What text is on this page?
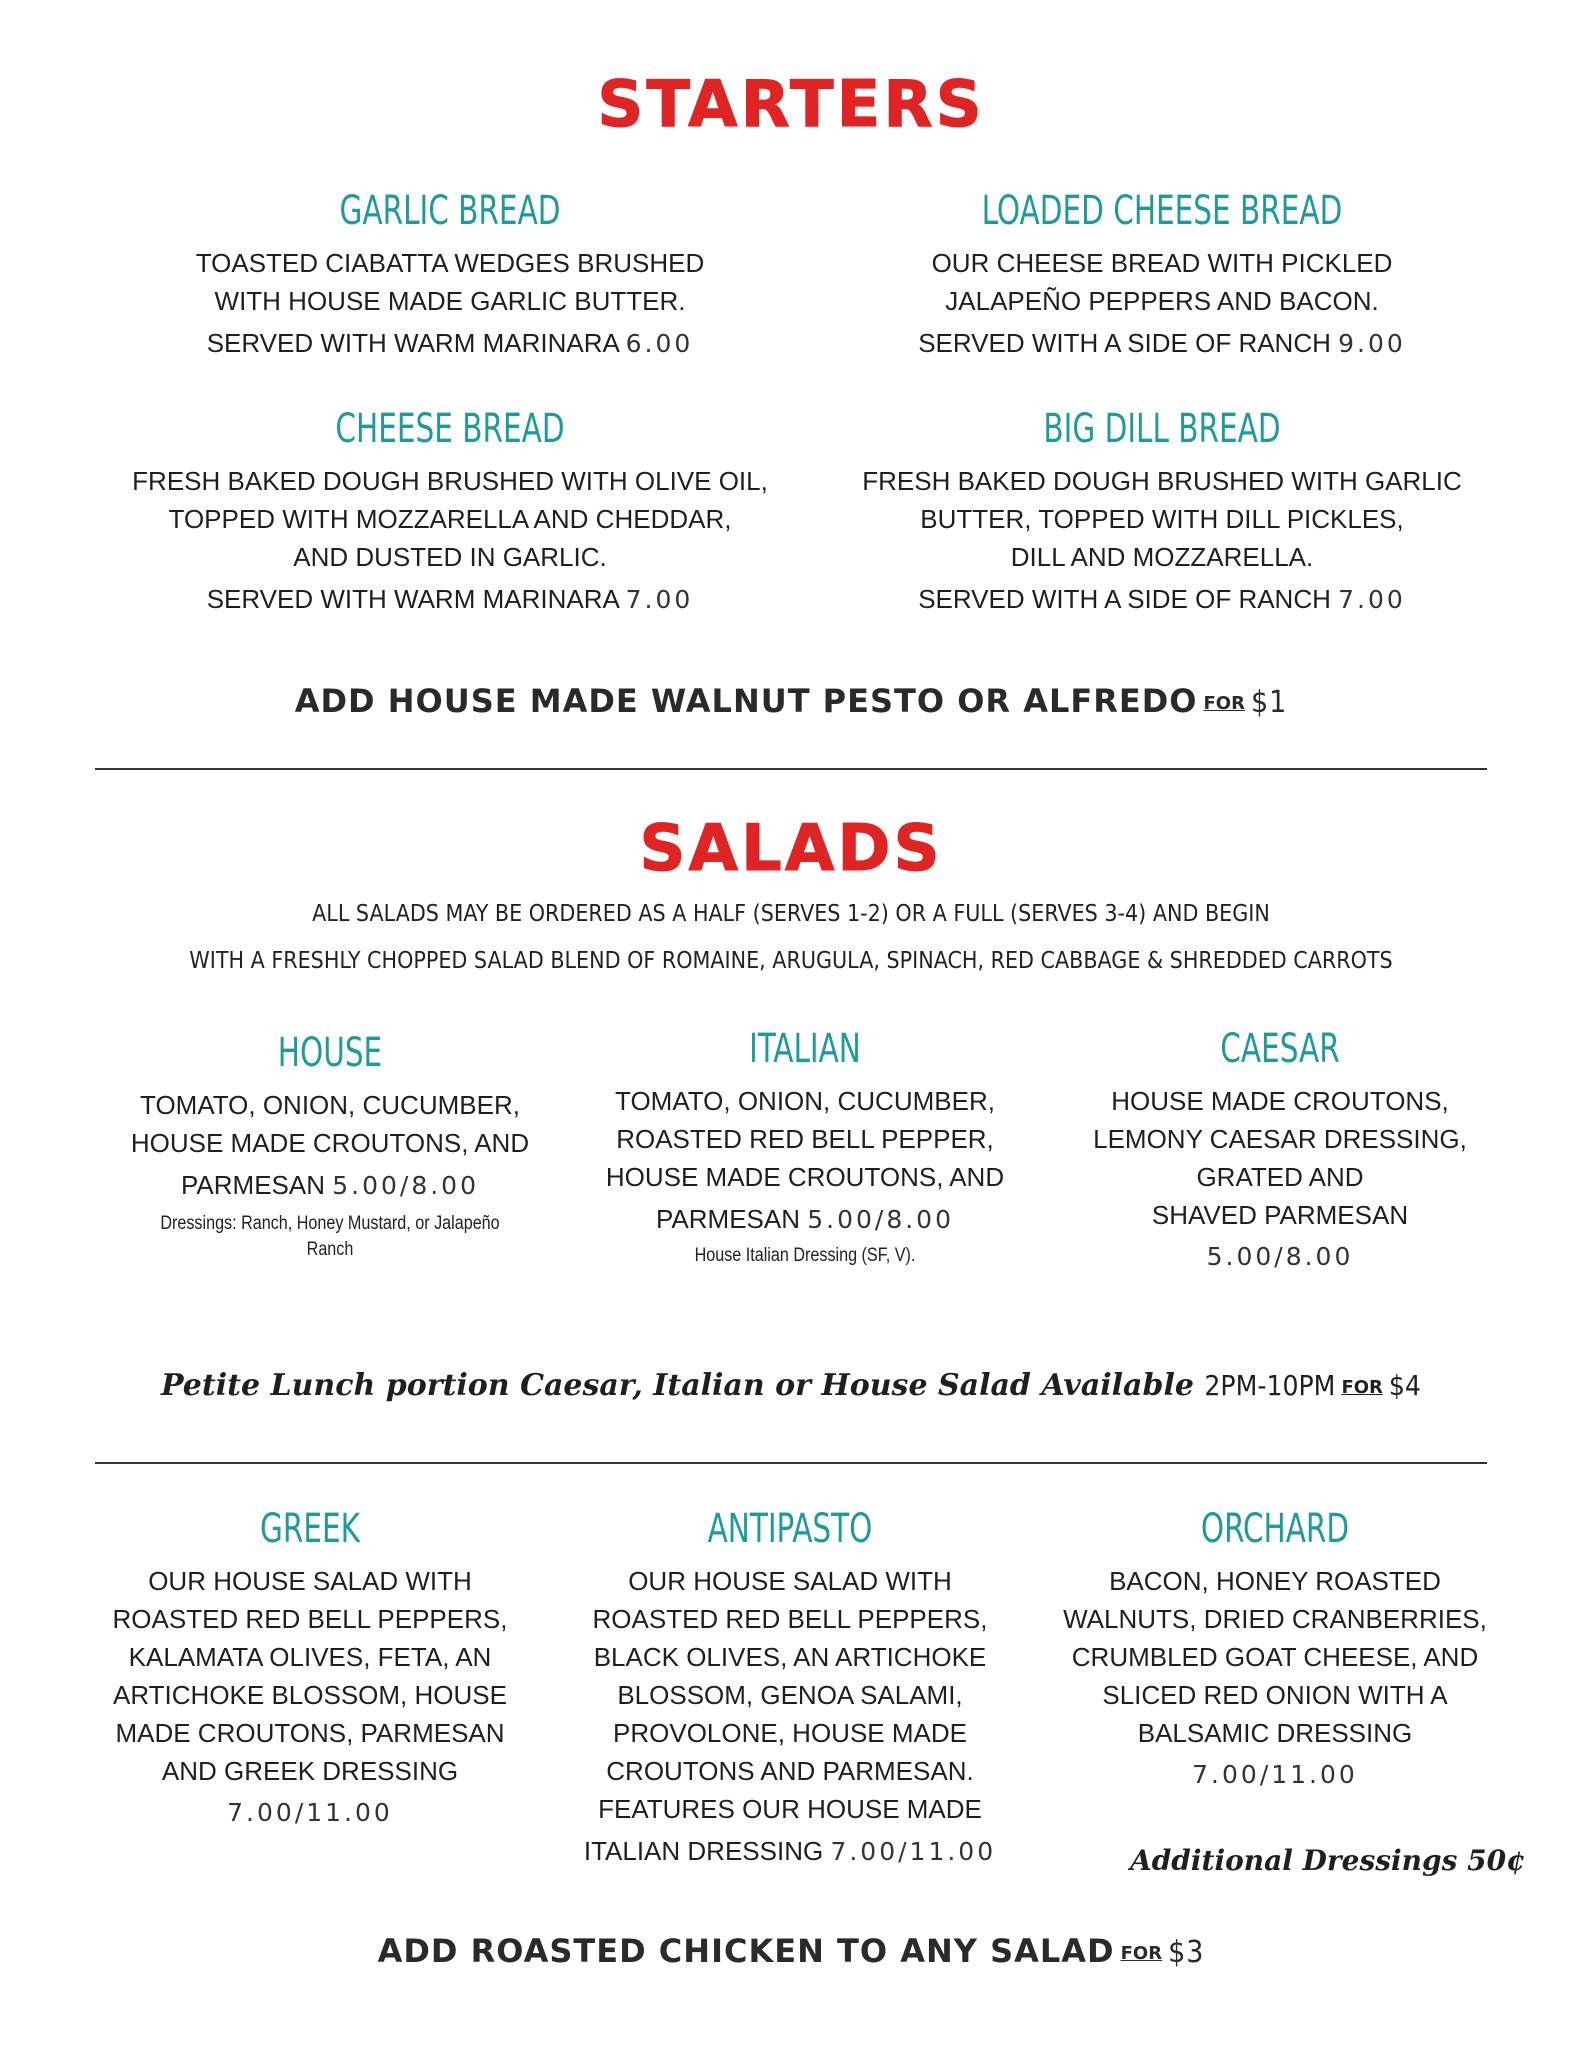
STARTERS
GARLIC BREAD
TOASTED CIABATTA WEDGES BRUSHED
WITH HOUSE MADE GARLIC BUTTER.
SERVED WITH WARM MARINARA 6.00
LOADED CHEESE BREAD
OUR CHEESE BREAD WITH PICKLED
JALAPEÑO PEPPERS AND BACON.
SERVED WITH A SIDE OF RANCH 9.00
CHEESE BREAD
FRESH BAKED DOUGH BRUSHED WITH OLIVE OIL,
TOPPED WITH MOZZARELLA AND CHEDDAR,
AND DUSTED IN GARLIC.
SERVED WITH WARM MARINARA 7.00
BIG DILL BREAD
FRESH BAKED DOUGH BRUSHED WITH GARLIC
BUTTER, TOPPED WITH DILL PICKLES,
DILL AND MOZZARELLA.
SERVED WITH A SIDE OF RANCH 7.00
ADD HOUSE MADE WALNUT PESTO OR ALFREDO FOR $1
SALADS
ALL SALADS MAY BE ORDERED AS A HALF (SERVES 1-2) OR A FULL (SERVES 3-4) AND BEGIN
WITH A FRESHLY CHOPPED SALAD BLEND OF ROMAINE, ARUGULA, SPINACH, RED CABBAGE & SHREDDED CARROTS
HOUSE
TOMATO, ONION, CUCUMBER,
HOUSE MADE CROUTONS, AND
PARMESAN 5.00/8.00
Dressings: Ranch, Honey Mustard, or Jalapeño
Ranch
ITALIAN
TOMATO, ONION, CUCUMBER,
ROASTED RED BELL PEPPER,
HOUSE MADE CROUTONS, AND
PARMESAN 5.00/8.00
House Italian Dressing (SF, V).
CAESAR
HOUSE MADE CROUTONS,
LEMONY CAESAR DRESSING,
GRATED AND
SHAVED PARMESAN
5.00/8.00
Petite Lunch portion Caesar, Italian or House Salad Available 2PM-10PM FOR $4
GREEK
OUR HOUSE SALAD WITH
ROASTED RED BELL PEPPERS,
KALAMATA OLIVES, FETA, AN
ARTICHOKE BLOSSOM, HOUSE
MADE CROUTONS, PARMESAN
AND GREEK DRESSING
7.00/11.00
ANTIPASTO
OUR HOUSE SALAD WITH
ROASTED RED BELL PEPPERS,
BLACK OLIVES, AN ARTICHOKE
BLOSSOM, GENOA SALAMI,
PROVOLONE, HOUSE MADE
CROUTONS AND PARMESAN.
FEATURES OUR HOUSE MADE
ITALIAN DRESSING 7.00/11.00
ORCHARD
BACON, HONEY ROASTED
WALNUTS, DRIED CRANBERRIES,
CRUMBLED GOAT CHEESE, AND
SLICED RED ONION WITH A
BALSAMIC DRESSING
7.00/11.00
Additional Dressings 50¢
ADD ROASTED CHICKEN TO ANY SALAD FOR $3
